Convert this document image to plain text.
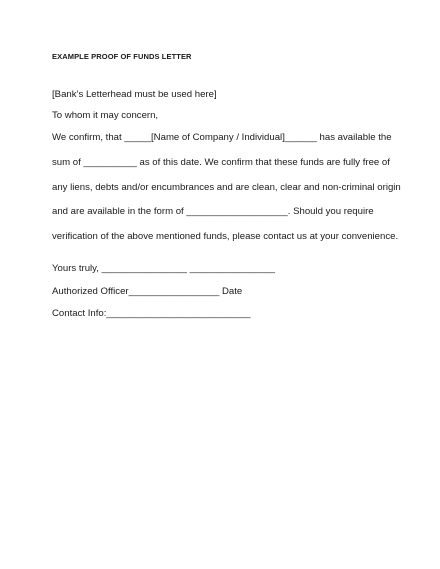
EXAMPLE PROOF OF FUNDS LETTER
[Bank’s Letterhead must be used here]
To whom it may concern,
We confirm, that _____[Name of Company / Individual]______ has available the
sum of __________ as of this date. We confirm that these funds are fully free of
any liens, debts and/or encumbrances and are clean, clear and non-criminal origin
and are available in the form of ___________________. Should you require
verification of the above mentioned funds, please contact us at your convenience.
Yours truly, ________________ ________________
Authorized Officer_________________ Date
Contact Info:___________________________
